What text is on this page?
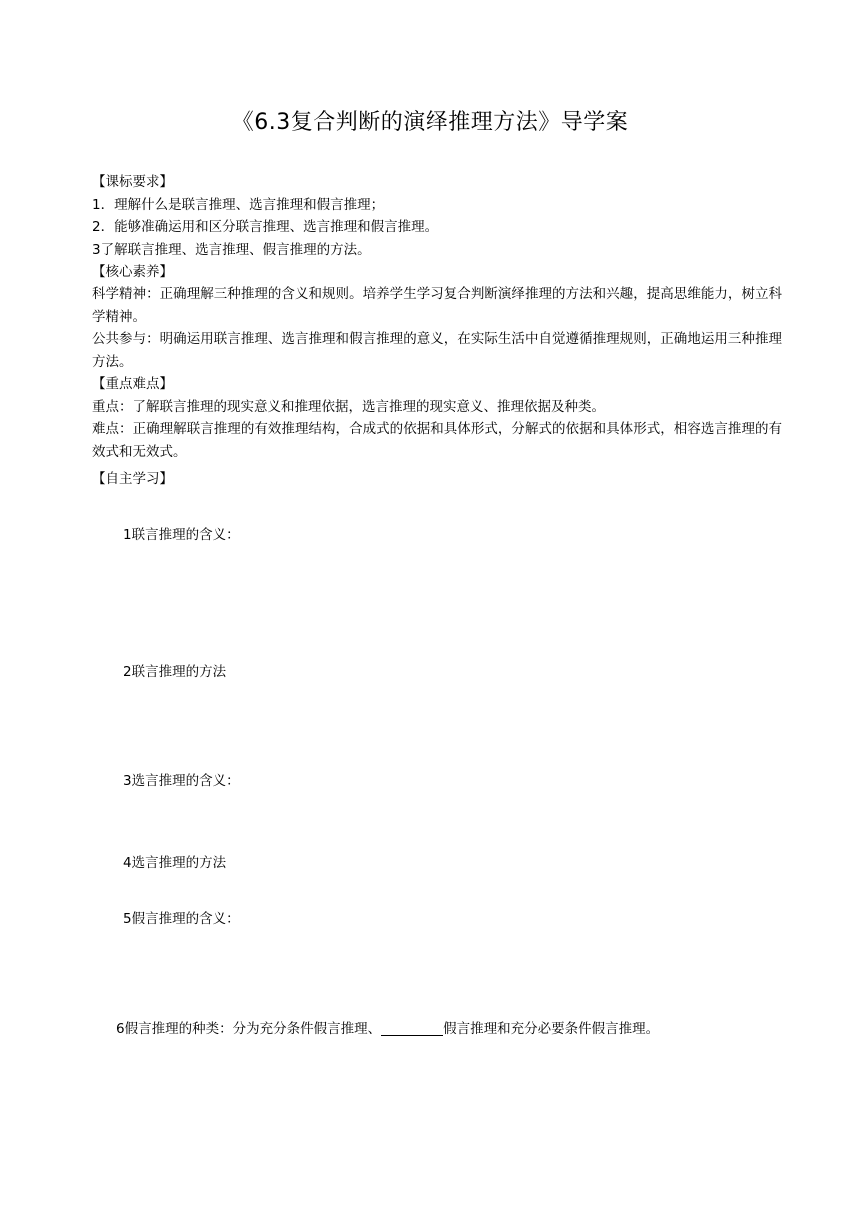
《6.3复合判断的演绎推理方法》导学案
【课标要求】
1．理解什么是联言推理、选言推理和假言推理；
2．能够准确运用和区分联言推理、选言推理和假言推理。
3了解联言推理、选言推理、假言推理的方法。
【核心素养】
科学精神：正确理解三种推理的含义和规则。培养学生学习复合判断演绎推理的方法和兴趣，提高思维能力，树立科学精神。
公共参与：明确运用联言推理、选言推理和假言推理的意义，在实际生活中自觉遵循推理规则，正确地运用三种推理方法。
【重点难点】
重点：了解联言推理的现实意义和推理依据，选言推理的现实意义、推理依据及种类。
难点：正确理解联言推理的有效推理结构，合成式的依据和具体形式，分解式的依据和具体形式，相容选言推理的有效式和无效式。
【自主学习】
1联言推理的含义：
2联言推理的方法
3选言推理的含义：
4选言推理的方法
5假言推理的含义：
6假言推理的种类：分为充分条件假言推理、	假言推理和充分必要条件假言推理。
